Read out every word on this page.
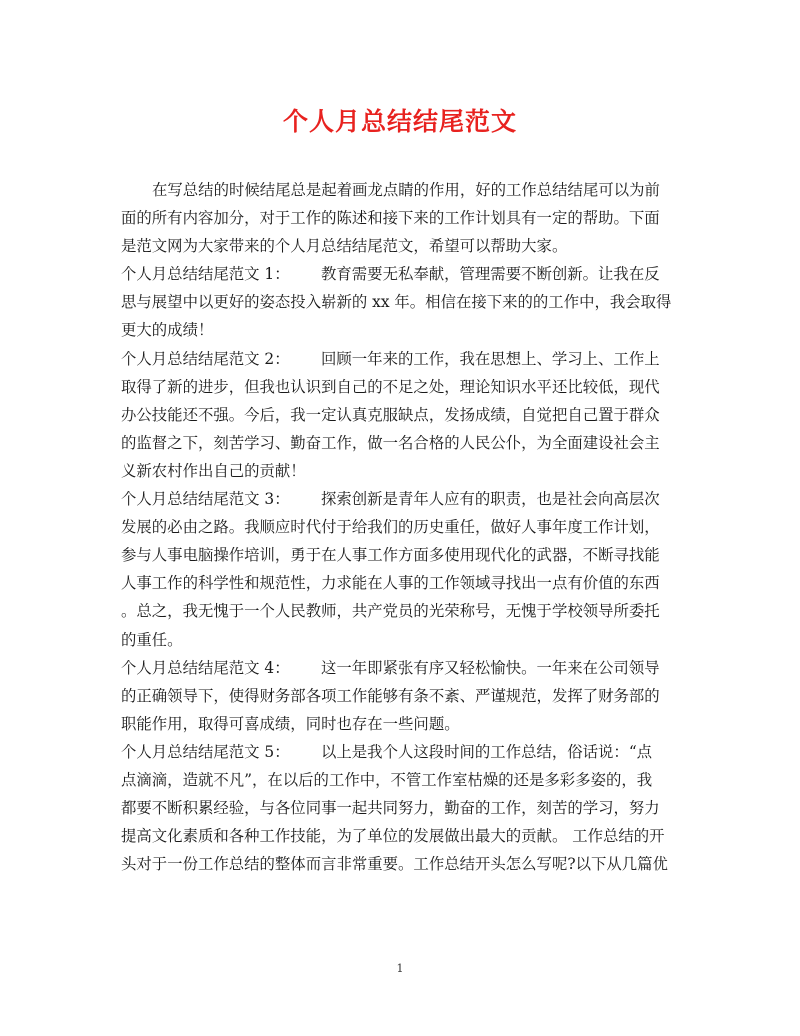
个人月总结结尾范文
在写总结的时候结尾总是起着画龙点睛的作用，好的工作总结结尾可以为前
面的所有内容加分，对于工作的陈述和接下来的工作计划具有一定的帮助。下面
是范文网为大家带来的个人月总结结尾范文，希望可以帮助大家。
个人月总结结尾范文 1： 教育需要无私奉献，管理需要不断创新。让我在反
思与展望中以更好的姿态投入崭新的 xx 年。相信在接下来的的工作中，我会取得
更大的成绩！
个人月总结结尾范文 2： 回顾一年来的工作，我在思想上、学习上、工作上
取得了新的进步，但我也认识到自己的不足之处，理论知识水平还比较低，现代
办公技能还不强。今后，我一定认真克服缺点，发扬成绩，自觉把自己置于群众
的监督之下，刻苦学习、勤奋工作，做一名合格的人民公仆，为全面建设社会主
义新农村作出自己的贡献！
个人月总结结尾范文 3： 探索创新是青年人应有的职责，也是社会向高层次
发展的必由之路。我顺应时代付于给我们的历史重任，做好人事年度工作计划，
参与人事电脑操作培训，勇于在人事工作方面多使用现代化的武器，不断寻找能
人事工作的科学性和规范性，力求能在人事的工作领域寻找出一点有价值的东西
。总之，我无愧于一个人民教师，共产党员的光荣称号，无愧于学校领导所委托
的重任。
个人月总结结尾范文 4： 这一年即紧张有序又轻松愉快。一年来在公司领导
的正确领导下，使得财务部各项工作能够有条不紊、严谨规范，发挥了财务部的
职能作用，取得可喜成绩，同时也存在一些问题。
个人月总结结尾范文 5： 以上是我个人这段时间的工作总结，俗话说：“点
点滴滴，造就不凡”，在以后的工作中，不管工作室枯燥的还是多彩多姿的，我
都要不断积累经验，与各位同事一起共同努力，勤奋的工作，刻苦的学习，努力
提高文化素质和各种工作技能，为了单位的发展做出最大的贡献。 工作总结的开
头对于一份工作总结的整体而言非常重要。工作总结开头怎么写呢?以下从几篇优
1
